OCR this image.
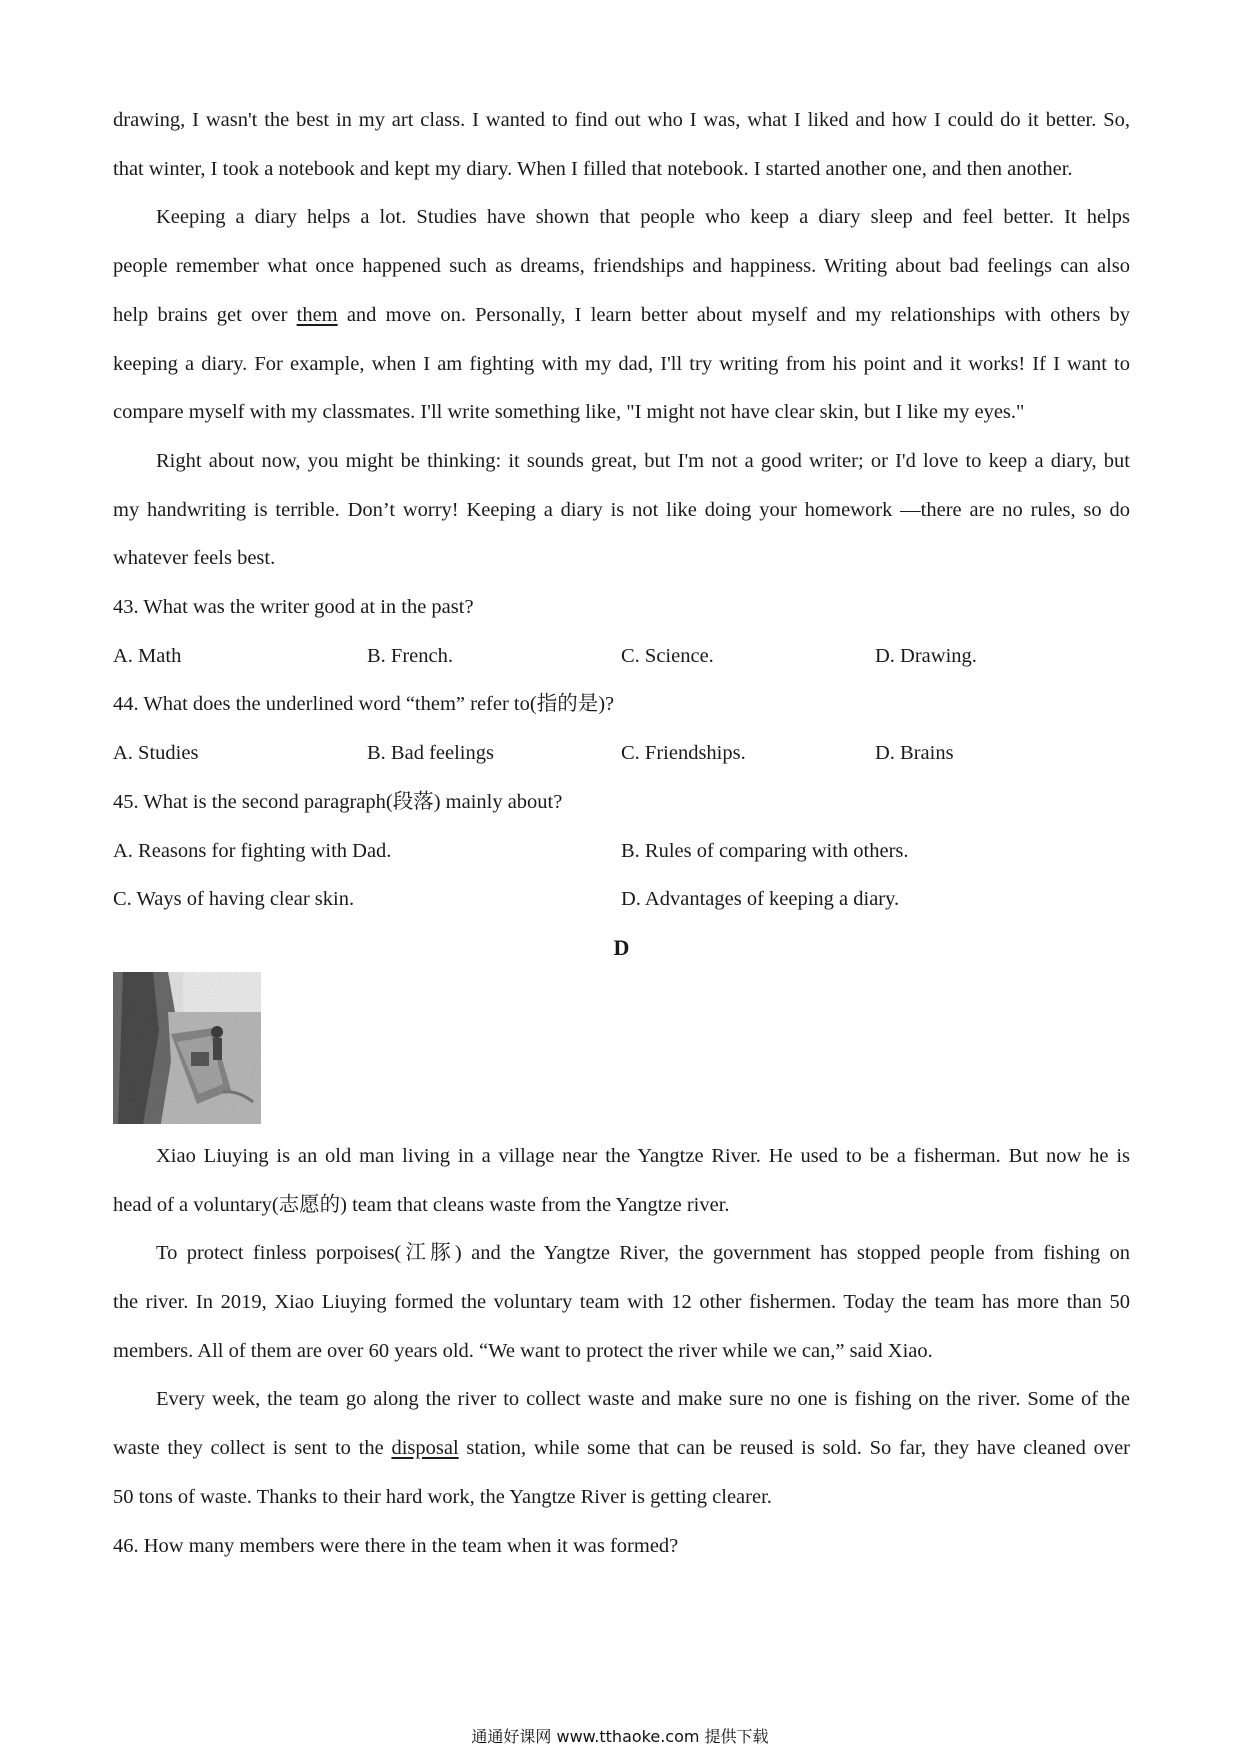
drawing, I wasn't the best in my art class. I wanted to find out who I was, what I liked and how I could do it better. So,
that winter, I took a notebook and kept my diary. When I filled that notebook. I started another one, and then another.
Keeping a diary helps a lot. Studies have shown that people who keep a diary sleep and feel better. It helps
people remember what once happened such as dreams, friendships and happiness. Writing about bad feelings can also
help brains get over them and move on. Personally, I learn better about myself and my relationships with others by
keeping a diary. For example, when I am fighting with my dad, I'll try writing from his point and it works! If I want to
compare myself with my classmates. I'll write something like, "I might not have clear skin, but I like my eyes."
Right about now, you might be thinking: it sounds great, but I'm not a good writer; or I'd love to keep a diary, but
my handwriting is terrible. Don’t worry! Keeping a diary is not like doing your homework —there are no rules, so do
whatever feels best.
43. What was the writer good at in the past?
A. Math	B. French.	C. Science.	D. Drawing.
44. What does the underlined word “them” refer to(指的是)?
A. Studies	B. Bad feelings	C. Friendships.	D. Brains
45. What is the second paragraph(段落) mainly about?
A. Reasons for fighting with Dad.	B. Rules of comparing with others.
C. Ways of having clear skin.	D. Advantages of keeping a diary.
D
Xiao Liuying is an old man living in a village near the Yangtze River. He used to be a fisherman. But now he is
head of a voluntary(志愿的) team that cleans waste from the Yangtze river.
To protect finless porpoises(江豚) and the Yangtze River, the government has stopped people from fishing on
the river. In 2019, Xiao Liuying formed the voluntary team with 12 other fishermen. Today the team has more than 50
members. All of them are over 60 years old. “We want to protect the river while we can,” said Xiao.
Every week, the team go along the river to collect waste and make sure no one is fishing on the river. Some of the
waste they collect is sent to the disposal station, while some that can be reused is sold. So far, they have cleaned over
50 tons of waste. Thanks to their hard work, the Yangtze River is getting clearer.
46. How many members were there in the team when it was formed?
通通好课网 www.tthaoke.com 提供下载
